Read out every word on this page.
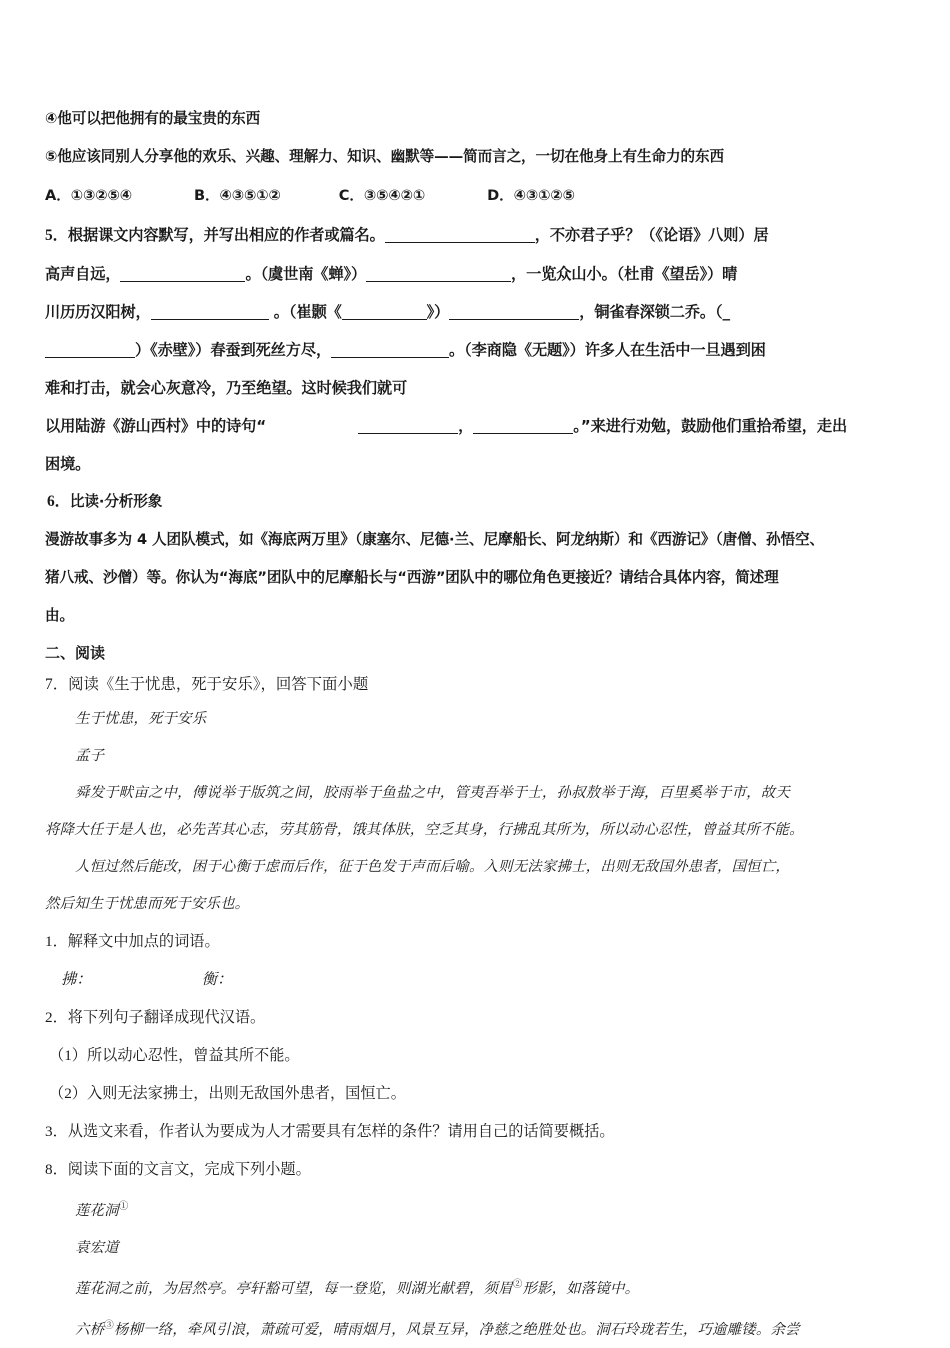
④他可以把他拥有的最宝贵的东西
⑤他应该同别人分享他的欢乐、兴趣、理解力、知识、幽默等——简而言之，一切在他身上有生命力的东西
A．①③②⑤④	B．④③⑤①②	C．③⑤④②①	D．④③①②⑤
5．根据课文内容默写，并写出相应的作者或篇名。	，不亦君子乎？（《论语》八则）居
高声自远，	。（虞世南《蝉》）	，一览众山小。（杜甫《望岳》）晴
川历历汉阳树，	。（崔颢《	》）	，铜雀春深锁二乔。（_
）《赤壁》）春蚕到死丝方尽，	。（李商隐《无题》）许多人在生活中一旦遇到困
难和打击，就会心灰意冷，乃至绝望。这时候我们就可
以用陆游《游山西村》中的诗句“	，	。”来进行劝勉，鼓励他们重拾希望，走出
困境。
6．比读·分析形象
漫游故事多为 4 人团队模式，如《海底两万里》（康塞尔、尼德·兰、尼摩船长、阿龙纳斯）和《西游记》（唐僧、孙悟空、
猪八戒、沙僧）等。你认为“海底”团队中的尼摩船长与“西游”团队中的哪位角色更接近？请结合具体内容，简述理
由。
二、阅读
7．阅读《生于忧患，死于安乐》，回答下面小题
生于忧患，死于安乐
孟子
舜发于畎亩之中，傅说举于版筑之间，胶雨举于鱼盐之中，管夷吾举于士，孙叔敖举于海，百里奚举于市，故天
将降大任于是人也，必先苦其心志，劳其筋骨，饿其体肤，空乏其身，行拂乱其所为，所以动心忍性，曾益其所不能。
人恒过然后能改，困于心衡于虑而后作，征于色发于声而后喻。入则无法家拂士，出则无敌国外患者，国恒亡，
然后知生于忧患而死于安乐也。
1．解释文中加点的词语。
拂：	衡：
2．将下列句子翻译成现代汉语。
（1）所以动心忍性，曾益其所不能。
（2）入则无法家拂士，出则无敌国外患者，国恒亡。
3．从选文来看，作者认为要成为人才需要具有怎样的条件？请用自己的话简要概括。
8．阅读下面的文言文，完成下列小题。
莲花洞①
袁宏道
莲花洞之前，为居然亭。亭轩豁可望，每一登览，则湖光献碧，须眉②形影，如落镜中。
六桥③杨柳一络，牵风引浪，萧疏可爱，晴雨烟月，风景互异，净慈之绝胜处也。洞石玲珑若生，巧逾雕镂。余尝
